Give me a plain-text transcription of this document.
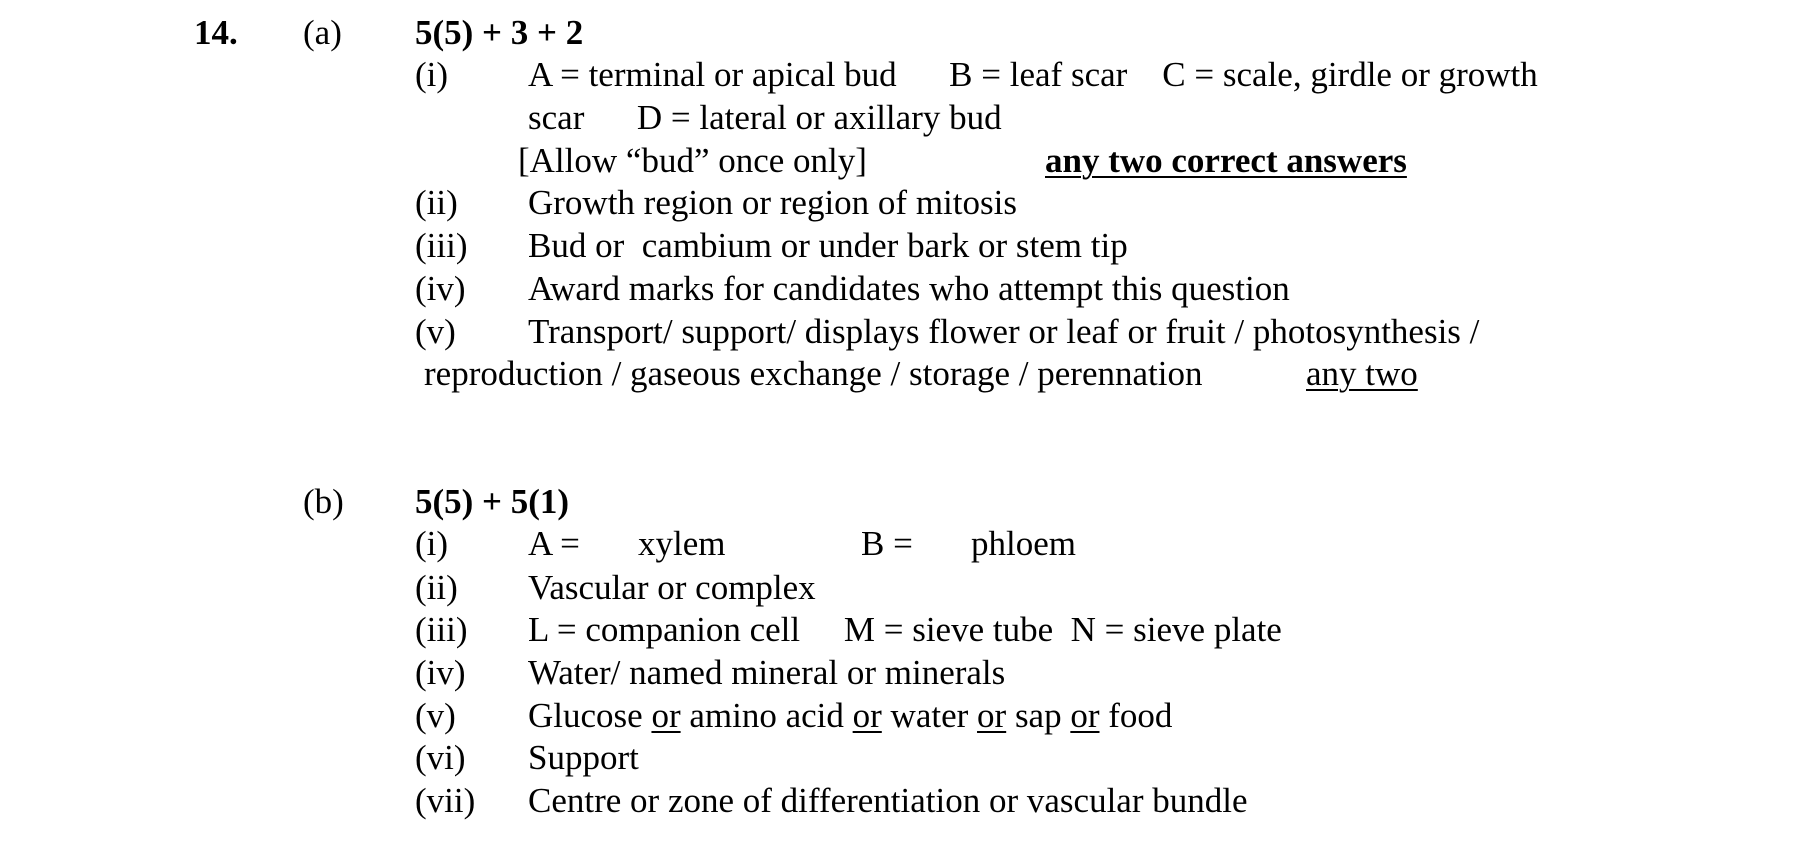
14. (a) 5(5) + 3 + 2
(i) A = terminal or apical bud      B = leaf scar    C = scale, girdle or growth
scar      D = lateral or axillary bud
[Allow “bud” once only]	any two correct answers
(ii) Growth region or region of mitosis
(iii) Bud or  cambium or under bark or stem tip
(iv) Award marks for candidates who attempt this question
(v) Transport/ support/ displays flower or leaf or fruit / photosynthesis /
reproduction / gaseous exchange / storage / perennation	any two
(b) 5(5) + 5(1)
(i) A = xylem	B = phloem
(ii) Vascular or complex
(iii) L = companion cell     M = sieve tube  N = sieve plate
(iv) Water/ named mineral or minerals
(v) Glucose or amino acid or water or sap or food
(vi) Support
(vii) Centre or zone of differentiation or vascular bundle
